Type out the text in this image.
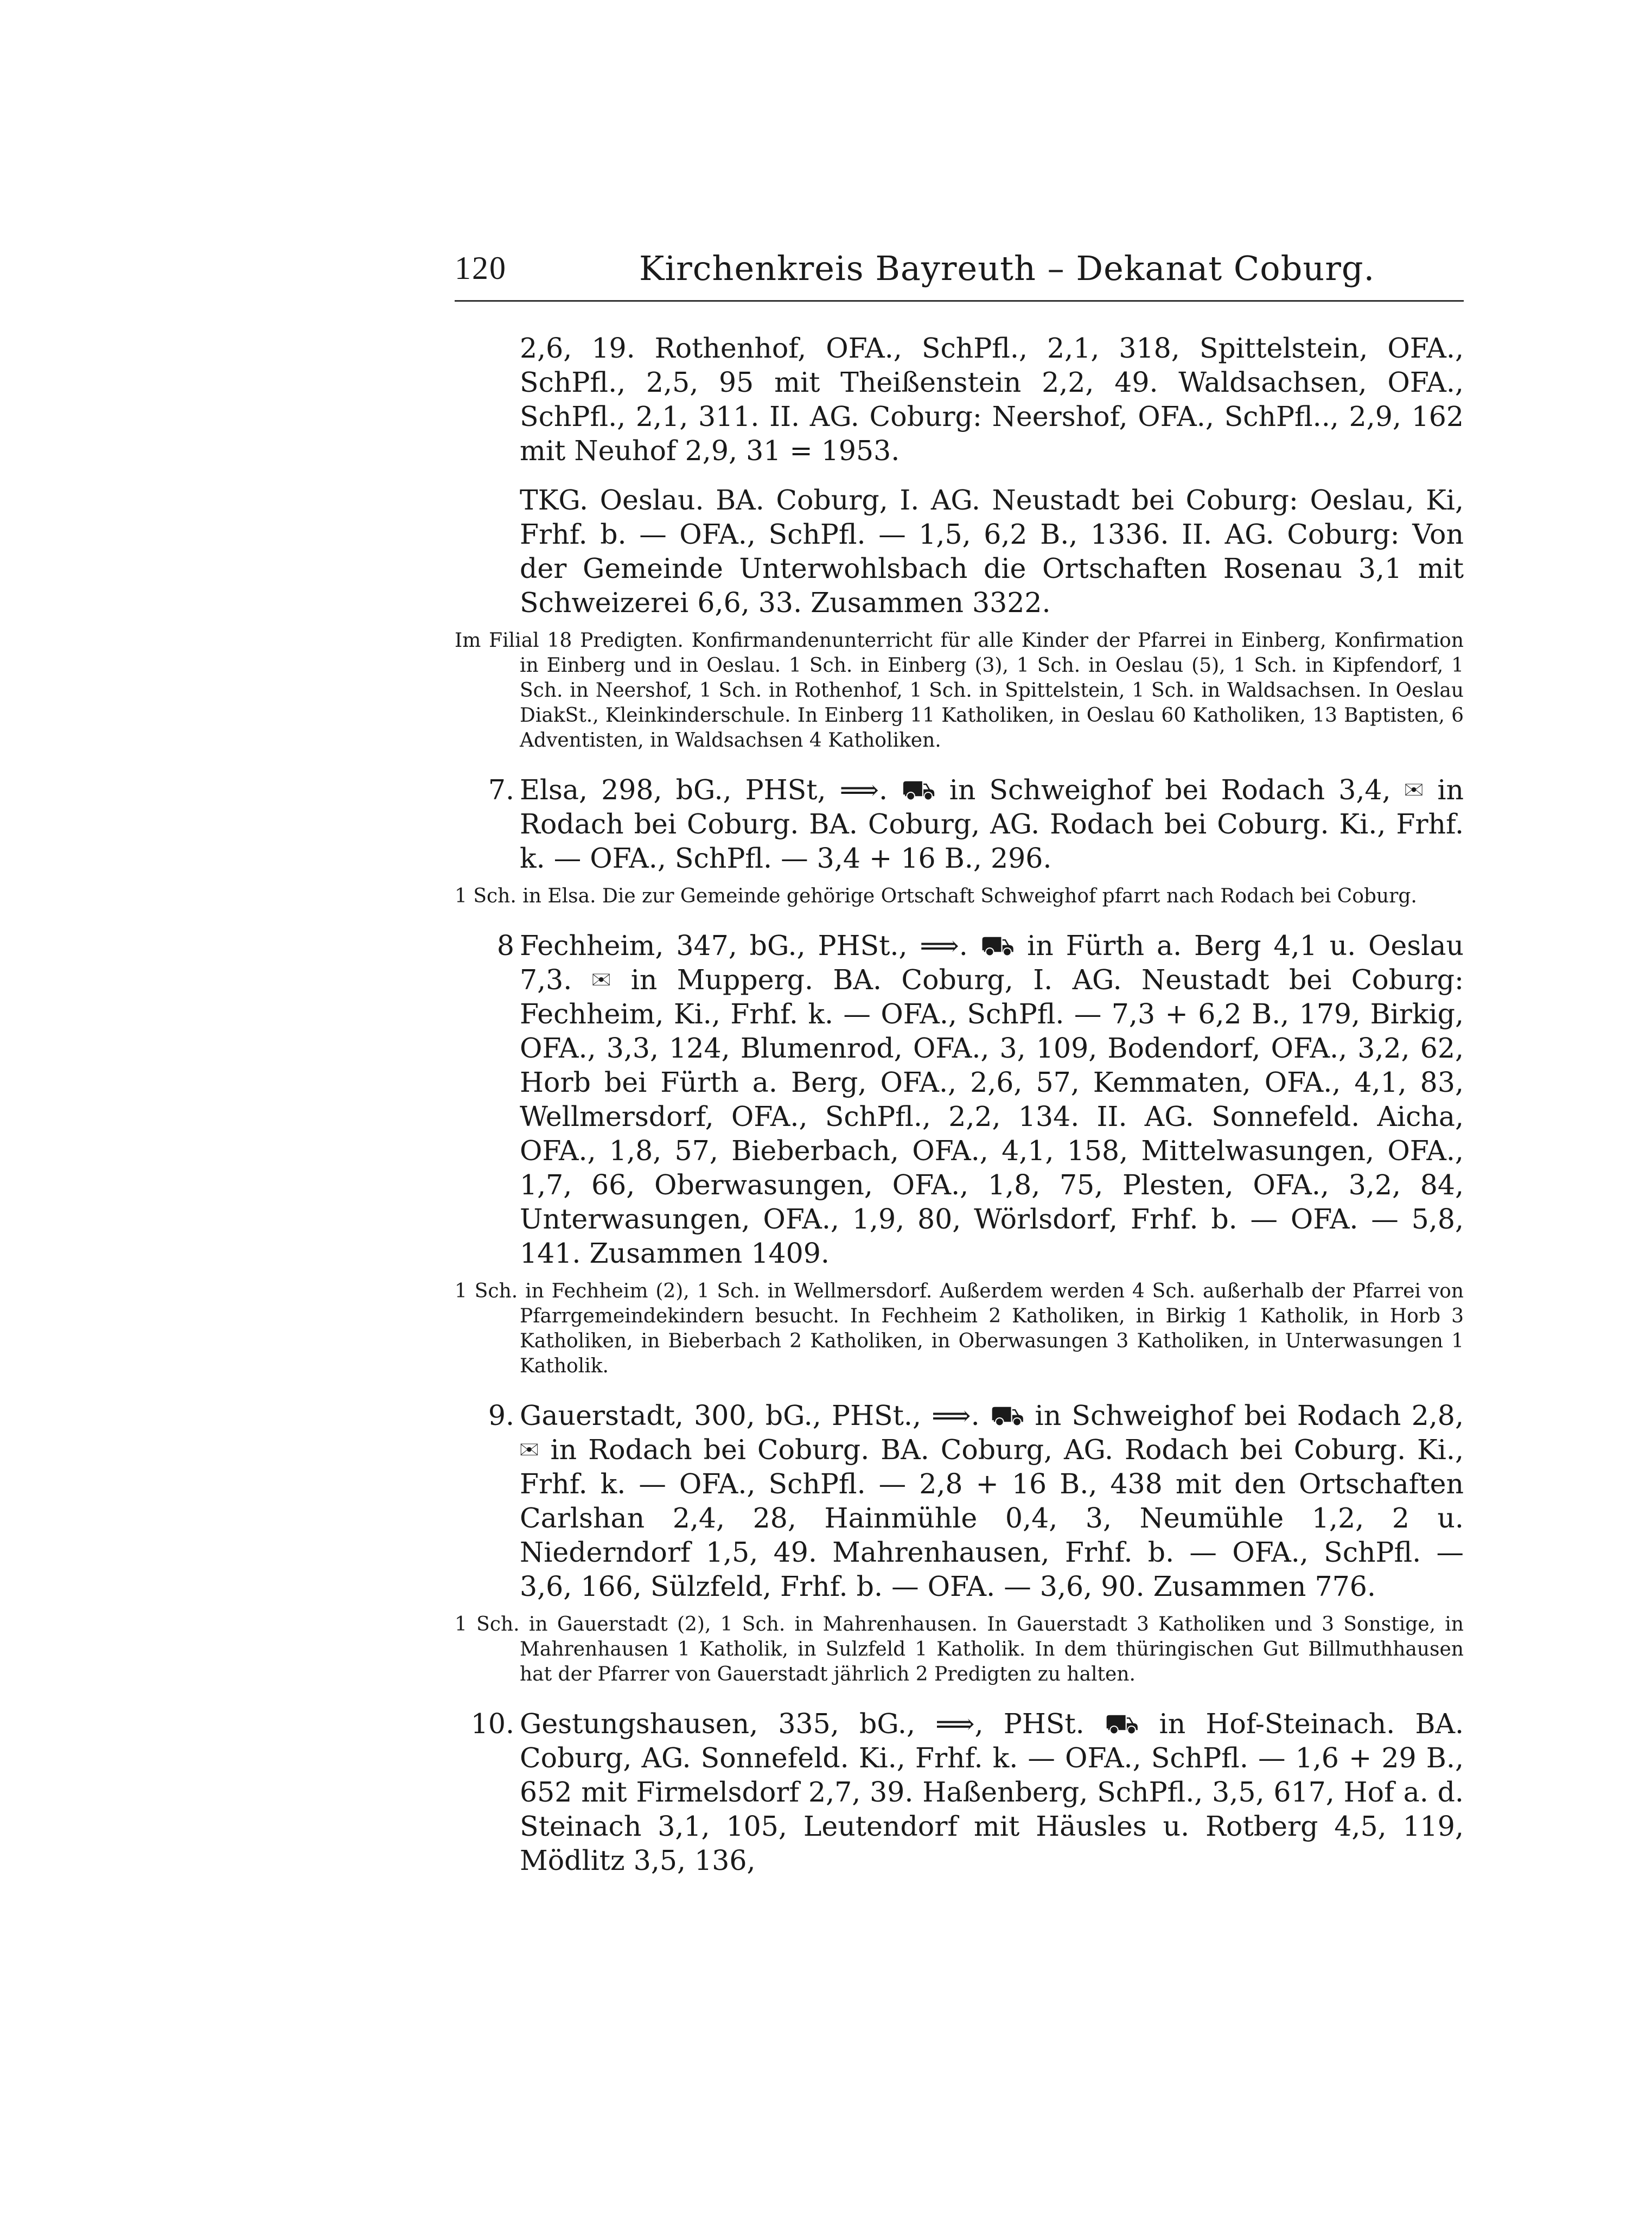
120	Kirchenkreis Bayreuth – Dekanat Coburg.

2,6, 19. Rothenhof, OFA., SchPfl., 2,1, 318, Spittelstein, OFA., SchPfl., 2,5, 95 mit Theißenstein 2,2, 49. Waldsachsen, OFA., SchPfl., 2,1, 311. II. AG. Coburg: Neershof, OFA., SchPfl.., 2,9, 162 mit Neuhof 2,9, 31 = 1953.

TKG. Oeslau. BA. Coburg, I. AG. Neustadt bei Coburg: Oeslau, Ki, Frhf. b. — OFA., SchPfl. — 1,5, 6,2 B., 1336. II. AG. Coburg: Von der Gemeinde Unterwohlsbach die Ortschaften Rosenau 3,1 mit Schweizerei 6,6, 33. Zusammen 3322.

Im Filial 18 Predigten. Konfirmandenunterricht für alle Kinder der Pfarrei in Einberg, Konfirmation in Einberg und in Oeslau. 1 Sch. in Einberg (3), 1 Sch. in Oeslau (5), 1 Sch. in Kipfendorf, 1 Sch. in Neershof, 1 Sch. in Rothenhof, 1 Sch. in Spittelstein, 1 Sch. in Waldsachsen. In Oeslau DiakSt., Kleinkinderschule. In Einberg 11 Katholiken, in Oeslau 60 Katholiken, 13 Baptisten, 6 Adventisten, in Waldsachsen 4 Katholiken.

7. Elsa, 298, bG., PHSt, ⟹. ⛟ in Schweighof bei Rodach 3,4, ✉ in Rodach bei Coburg. BA. Coburg, AG. Rodach bei Coburg. Ki., Frhf. k. — OFA., SchPfl. — 3,4 + 16 B., 296.

1 Sch. in Elsa. Die zur Gemeinde gehörige Ortschaft Schweighof pfarrt nach Rodach bei Coburg.

8 Fechheim, 347, bG., PHSt., ⟹. ⛟ in Fürth a. Berg 4,1 u. Oeslau 7,3. ✉ in Mupperg. BA. Coburg, I. AG. Neustadt bei Coburg: Fechheim, Ki., Frhf. k. — OFA., SchPfl. — 7,3 + 6,2 B., 179, Birkig, OFA., 3,3, 124, Blumenrod, OFA., 3, 109, Bodendorf, OFA., 3,2, 62, Horb bei Fürth a. Berg, OFA., 2,6, 57, Kemmaten, OFA., 4,1, 83, Wellmersdorf, OFA., SchPfl., 2,2, 134. II. AG. Sonnefeld. Aicha, OFA., 1,8, 57, Bieberbach, OFA., 4,1, 158, Mittelwasungen, OFA., 1,7, 66, Oberwasungen, OFA., 1,8, 75, Plesten, OFA., 3,2, 84, Unterwasungen, OFA., 1,9, 80, Wörlsdorf, Frhf. b. — OFA. — 5,8, 141. Zusammen 1409.

1 Sch. in Fechheim (2), 1 Sch. in Wellmersdorf. Außerdem werden 4 Sch. außerhalb der Pfarrei von Pfarrgemeindekindern besucht. In Fechheim 2 Katholiken, in Birkig 1 Katholik, in Horb 3 Katholiken, in Bieberbach 2 Katholiken, in Oberwasungen 3 Katholiken, in Unterwasungen 1 Katholik.

9. Gauerstadt, 300, bG., PHSt., ⟹. ⛟ in Schweighof bei Rodach 2,8, ✉ in Rodach bei Coburg. BA. Coburg, AG. Rodach bei Coburg. Ki., Frhf. k. — OFA., SchPfl. — 2,8 + 16 B., 438 mit den Ortschaften Carlshan 2,4, 28, Hainmühle 0,4, 3, Neumühle 1,2, 2 u. Niederndorf 1,5, 49. Mahrenhausen, Frhf. b. — OFA., SchPfl. — 3,6, 166, Sülzfeld, Frhf. b. — OFA. — 3,6, 90. Zusammen 776.

1 Sch. in Gauerstadt (2), 1 Sch. in Mahrenhausen. In Gauerstadt 3 Katholiken und 3 Sonstige, in Mahrenhausen 1 Katholik, in Sulzfeld 1 Katholik. In dem thüringischen Gut Billmuthhausen hat der Pfarrer von Gauerstadt jährlich 2 Predigten zu halten.

10. Gestungshausen, 335, bG., ⟹, PHSt. ⛟ in Hof-Steinach. BA. Coburg, AG. Sonnefeld. Ki., Frhf. k. — OFA., SchPfl. — 1,6 + 29 B., 652 mit Firmelsdorf 2,7, 39. Haßenberg, SchPfl., 3,5, 617, Hof a. d. Steinach 3,1, 105, Leutendorf mit Häusles u. Rotberg 4,5, 119, Mödlitz 3,5, 136,
